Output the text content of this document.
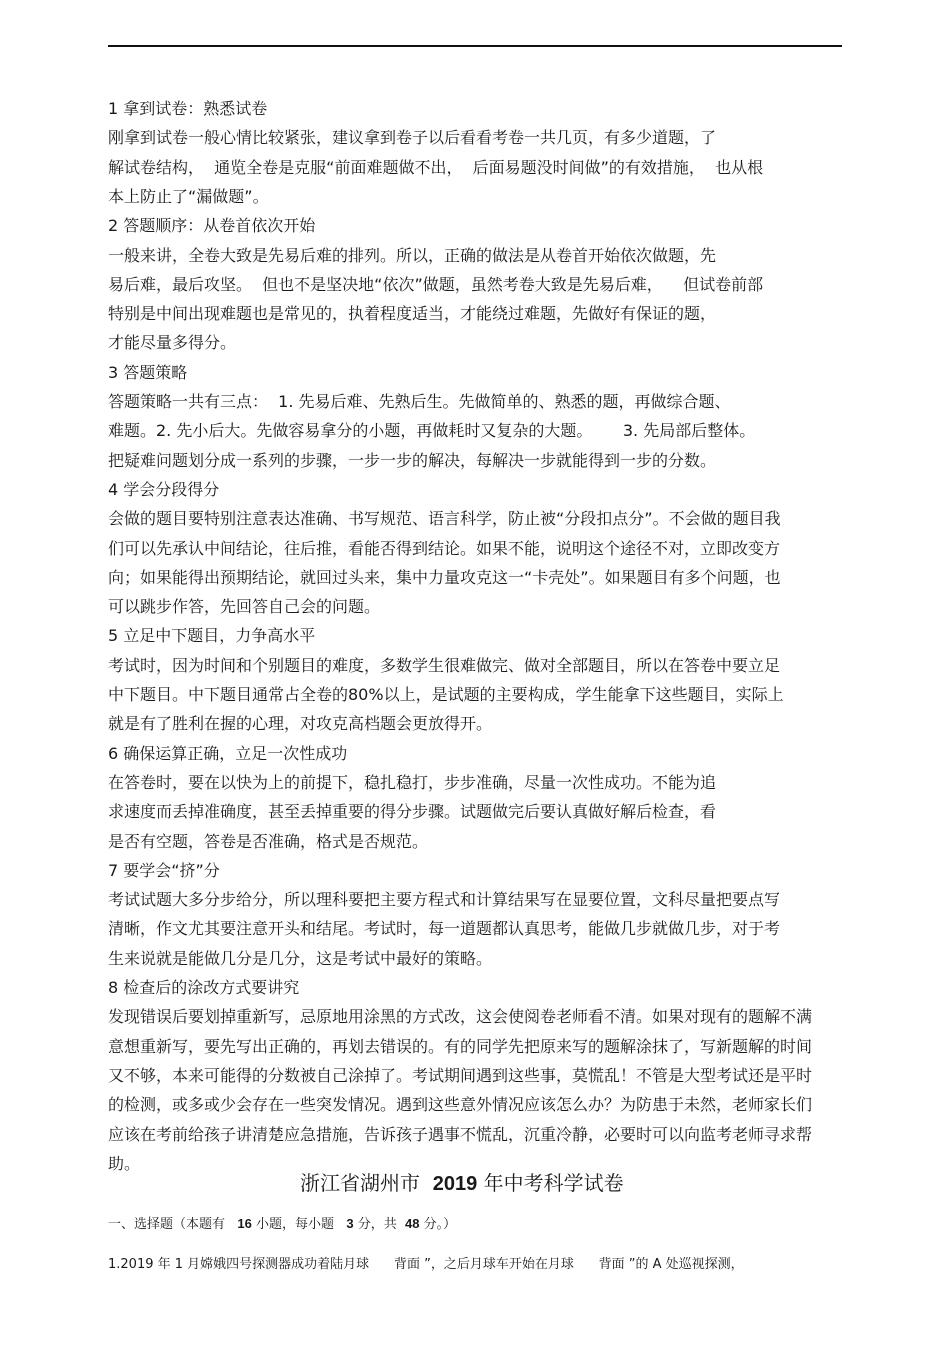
1 拿到试卷：熟悉试卷

刚拿到试卷一般心情比较紧张，建议拿到卷子以后看看考卷一共几页，有多少道题，了

解试卷结构，  通览全卷是克服“前面难题做不出，  后面易题没时间做”的有效措施，  也从根

本上防止了“漏做题”。

2 答题顺序：从卷首依次开始

一般来讲，全卷大致是先易后难的排列。所以，正确的做法是从卷首开始依次做题，先

易后难，最后攻坚。  但也不是坚决地“依次”做题，虽然考卷大致是先易后难，    但试卷前部

特别是中间出现难题也是常见的，执着程度适当，才能绕过难题，先做好有保证的题，

才能尽量多得分。

3 答题策略

答题策略一共有三点：  1. 先易后难、先熟后生。先做简单的、熟悉的题，再做综合题、

难题。2. 先小后大。先做容易拿分的小题，再做耗时又复杂的大题。      3. 先局部后整体。

把疑难问题划分成一系列的步骤，一步一步的解决，每解决一步就能得到一步的分数。

4 学会分段得分

会做的题目要特别注意表达准确、书写规范、语言科学，防止被“分段扣点分”。不会做的题目我

们可以先承认中间结论，往后推，看能否得到结论。如果不能，说明这个途径不对，立即改变方

向；如果能得出预期结论，就回过头来，集中力量攻克这一“卡壳处”。如果题目有多个问题，也

可以跳步作答，先回答自己会的问题。

5 立足中下题目，力争高水平

考试时，因为时间和个别题目的难度，多数学生很难做完、做对全部题目，所以在答卷中要立足

中下题目。中下题目通常占全卷的80%以上，是试题的主要构成，学生能拿下这些题目，实际上

就是有了胜利在握的心理，对攻克高档题会更放得开。

6 确保运算正确，立足一次性成功

在答卷时，要在以快为上的前提下，稳扎稳打，步步准确，尽量一次性成功。不能为追

求速度而丢掉准确度，甚至丢掉重要的得分步骤。试题做完后要认真做好解后检查，看

是否有空题，答卷是否准确，格式是否规范。

7 要学会“挤”分

考试试题大多分步给分，所以理科要把主要方程式和计算结果写在显要位置，文科尽量把要点写

清晰，作文尤其要注意开头和结尾。考试时，每一道题都认真思考，能做几步就做几步，对于考

生来说就是能做几分是几分，这是考试中最好的策略。

8 检查后的涂改方式要讲究

发现错误后要划掉重新写，忌原地用涂黑的方式改，这会使阅卷老师看不清。如果对现有的题解不满

意想重新写，要先写出正确的，再划去错误的。有的同学先把原来写的题解涂抹了，写新题解的时间

又不够，本来可能得的分数被自己涂掉了。考试期间遇到这些事，莫慌乱！不管是大型考试还是平时

的检测，或多或少会存在一些突发情况。遇到这些意外情况应该怎么办？为防患于未然，老师家长们

应该在考前给孩子讲清楚应急措施，告诉孩子遇事不慌乱，沉重冷静，必要时可以向监考老师寻求帮

助。

浙江省湖州市  2019 年中考科学试卷

一、选择题（本题有   16 小题，每小题   3 分，共  48 分。）

1.2019 年 1 月嫦娥四号探测器成功着陆月球      背面 ”，之后月球车开始在月球      背面 ”的 A 处巡视探测，
